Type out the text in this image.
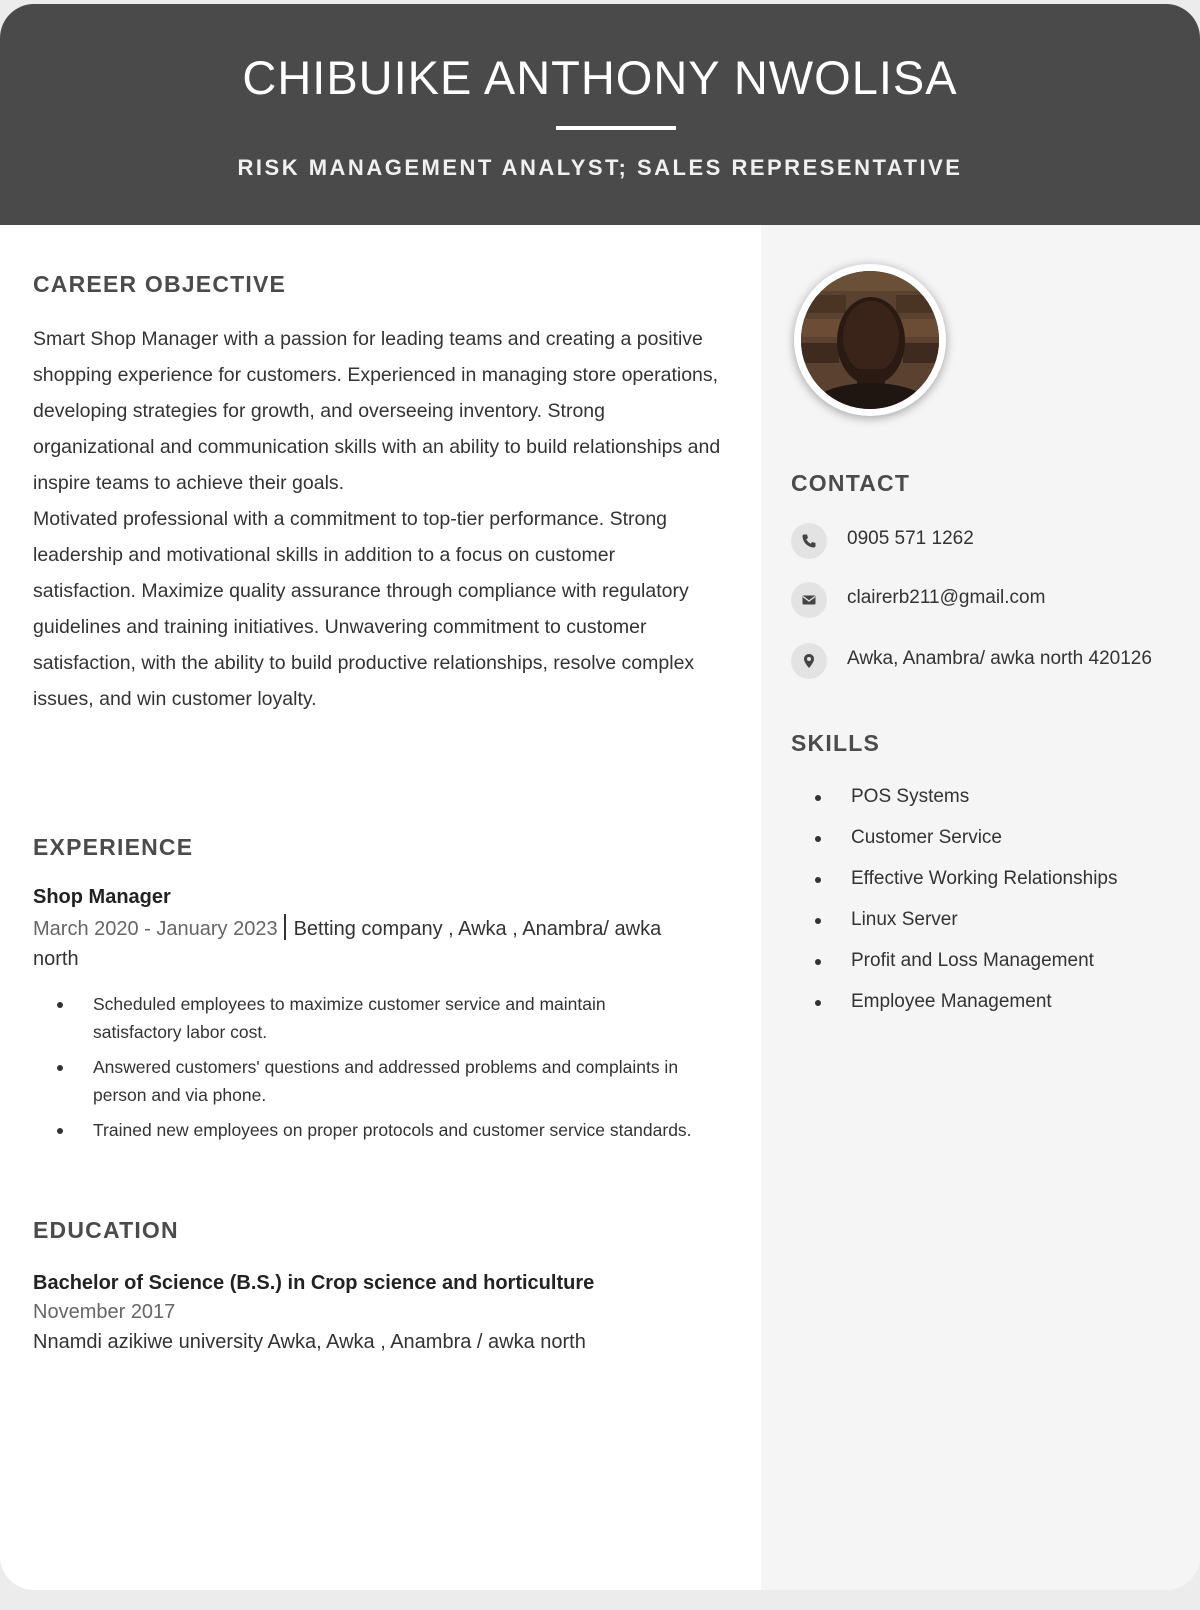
CHIBUIKE ANTHONY NWOLISA
RISK MANAGEMENT ANALYST; SALES REPRESENTATIVE
CAREER OBJECTIVE

Smart Shop Manager with a passion for leading teams and creating a positive shopping experience for customers. Experienced in managing store operations, developing strategies for growth, and overseeing inventory. Strong organizational and communication skills with an ability to build relationships and inspire teams to achieve their goals.

Motivated professional with a commitment to top-tier performance. Strong leadership and motivational skills in addition to a focus on customer satisfaction. Maximize quality assurance through compliance with regulatory guidelines and training initiatives. Unwavering commitment to customer satisfaction, with the ability to build productive relationships, resolve complex issues, and win customer loyalty.

EXPERIENCE
Shop Manager
March 2020 - January 2023 Betting company , Awka , Anambra/ awka north
Scheduled employees to maximize customer service and maintain satisfactory labor cost.
Answered customers' questions and addressed problems and complaints in person and via phone.
Trained new employees on proper protocols and customer service standards.
EDUCATION
Bachelor of Science (B.S.) in Crop science and horticulture
November 2017
Nnamdi azikiwe university Awka, Awka , Anambra / awka north
CONTACT
0905 571 1262
clairerb211@gmail.com
Awka, Anambra/ awka north 420126
SKILLS
POS Systems
Customer Service
Effective Working Relationships
Linux Server
Profit and Loss Management
Employee Management
